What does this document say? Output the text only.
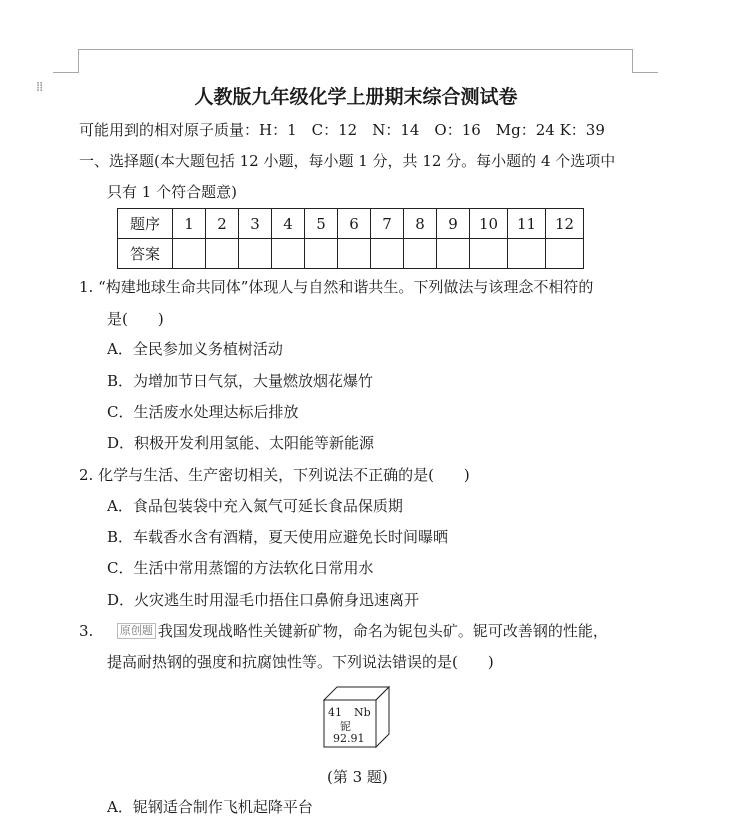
⁞⁞	人教版九年级化学上册期末综合测试卷
可能用到的相对原子质量：H：1　C：12　N：14　O：16　Mg：24 K：39
一、选择题(本大题包括 12 小题，每小题 1 分，共 12 分。每小题的 4 个选项中
只有 1 个符合题意)
题序	1	2	3	4	5	6	7	8	9	10	11	12
答案												
1. “构建地球生命共同体”体现人与自然和谐共生。下列做法与该理念不相符的
是(　　)
A．全民参加义务植树活动
B．为增加节日气氛，大量燃放烟花爆竹
C．生活废水处理达标后排放
D．积极开发利用氢能、太阳能等新能源
2. 化学与生活、生产密切相关，下列说法不正确的是(　　)
A．食品包装袋中充入氮气可延长食品保质期
B．车载香水含有酒精，夏天使用应避免长时间曝晒
C．生活中常用蒸馏的方法软化日常用水
D．火灾逃生时用湿毛巾捂住口鼻俯身迅速离开
3. 原创题 我国发现战略性关键新矿物，命名为铌包头矿。铌可改善钢的性能，
提高耐热钢的强度和抗腐蚀性等。下列说法错误的是(　　)
41 Nb
铌
92.91
(第 3 题)
A．铌钢适合制作飞机起降平台
